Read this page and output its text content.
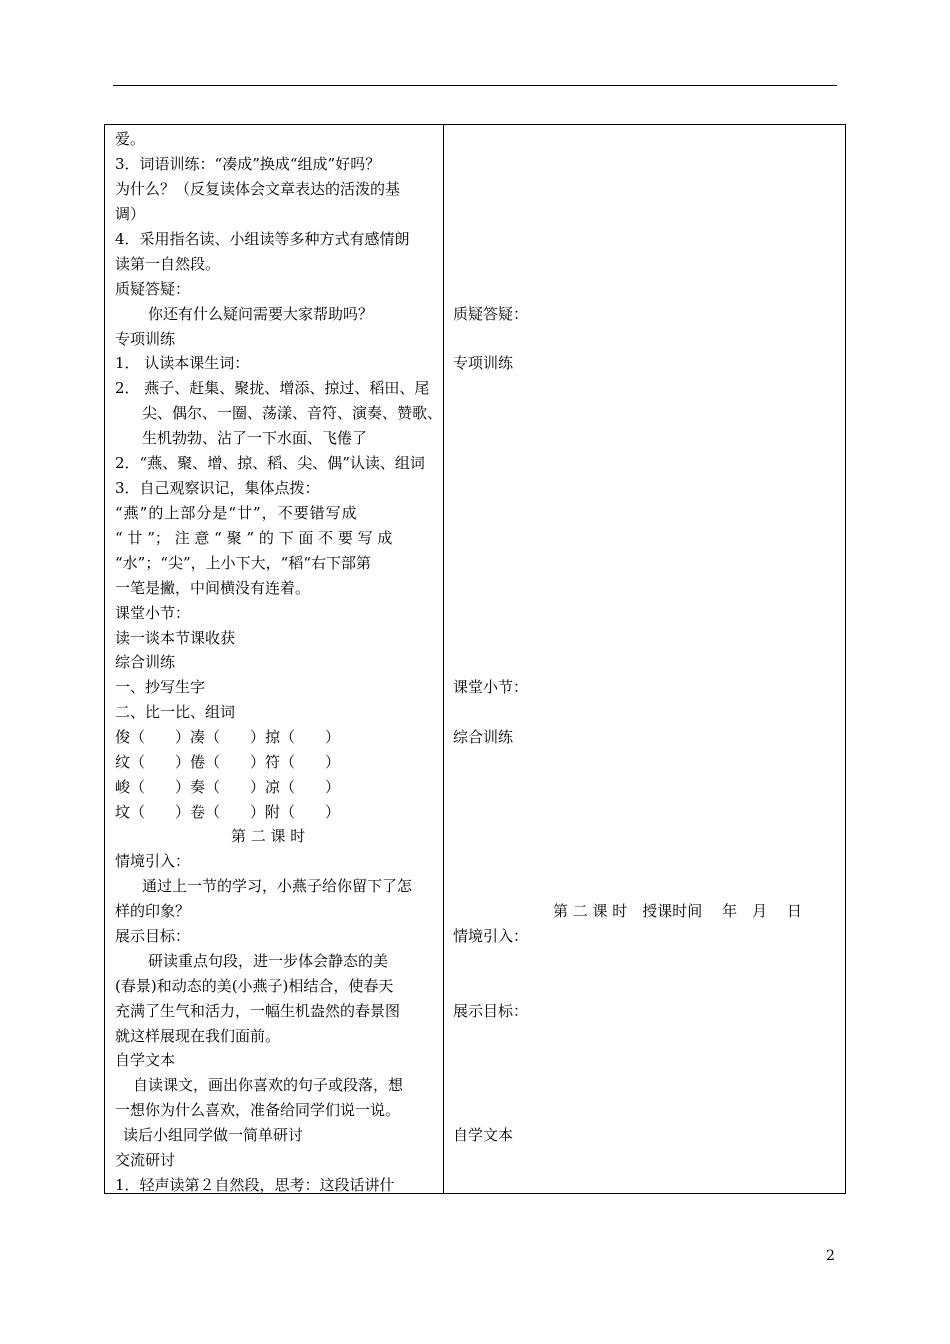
爱。
3．词语训练：“凑成”换成“组成”好吗？
为什么？（反复读体会文章表达的活泼的基
调）
4．采用指名读、小组读等多种方式有感情朗
读第一自然段。
质疑答疑：
你还有什么疑问需要大家帮助吗？
专项训练
1． 认读本课生词：
2． 燕子、赶集、聚拢、增添、掠过、稻田、尾
尖、偶尔、一圈、荡漾、音符、演奏、赞歌、
生机勃勃、沾了一下水面、飞倦了
2．“燕、聚、增、掠、稻、尖、偶”认读、组词
3．自己观察识记，集体点拨：
“燕”的上部分是“廿”，不要错写成
“ 廿 ”； 注 意 “ 聚 ” 的 下 面 不 要 写 成
“水”；“尖”，上小下大，“稻“右下部第
一笔是撇，中间横没有连着。
课堂小节：
读一谈本节课收获
综合训练
一、抄写生字
二、比一比、组词
俊（　　）凑（　　）掠（　　）
纹（　　）倦（　　）符（　　）
峻（　　）奏（　　）凉（　　）
坟（　　）卷（　　）附（　　）
第 二 课 时
情境引入：
通过上一节的学习，小燕子给你留下了怎
样的印象？
展示目标：
研读重点句段，进一步体会静态的美
(春景)和动态的美(小燕子)相结合，使春天
充满了生气和活力，一幅生机盎然的春景图
就这样展现在我们面前。
自学文本
自读课文，画出你喜欢的句子或段落，想
一想你为什么喜欢，准备给同学们说一说。
读后小组同学做一简单研讨
交流研讨
1．轻声读第２自然段，思考：这段话讲什
质疑答疑：
专项训练
课堂小节：
综合训练
第 二 课 时　授课时间　 年　月　 日
情境引入：
展示目标：
自学文本
2
